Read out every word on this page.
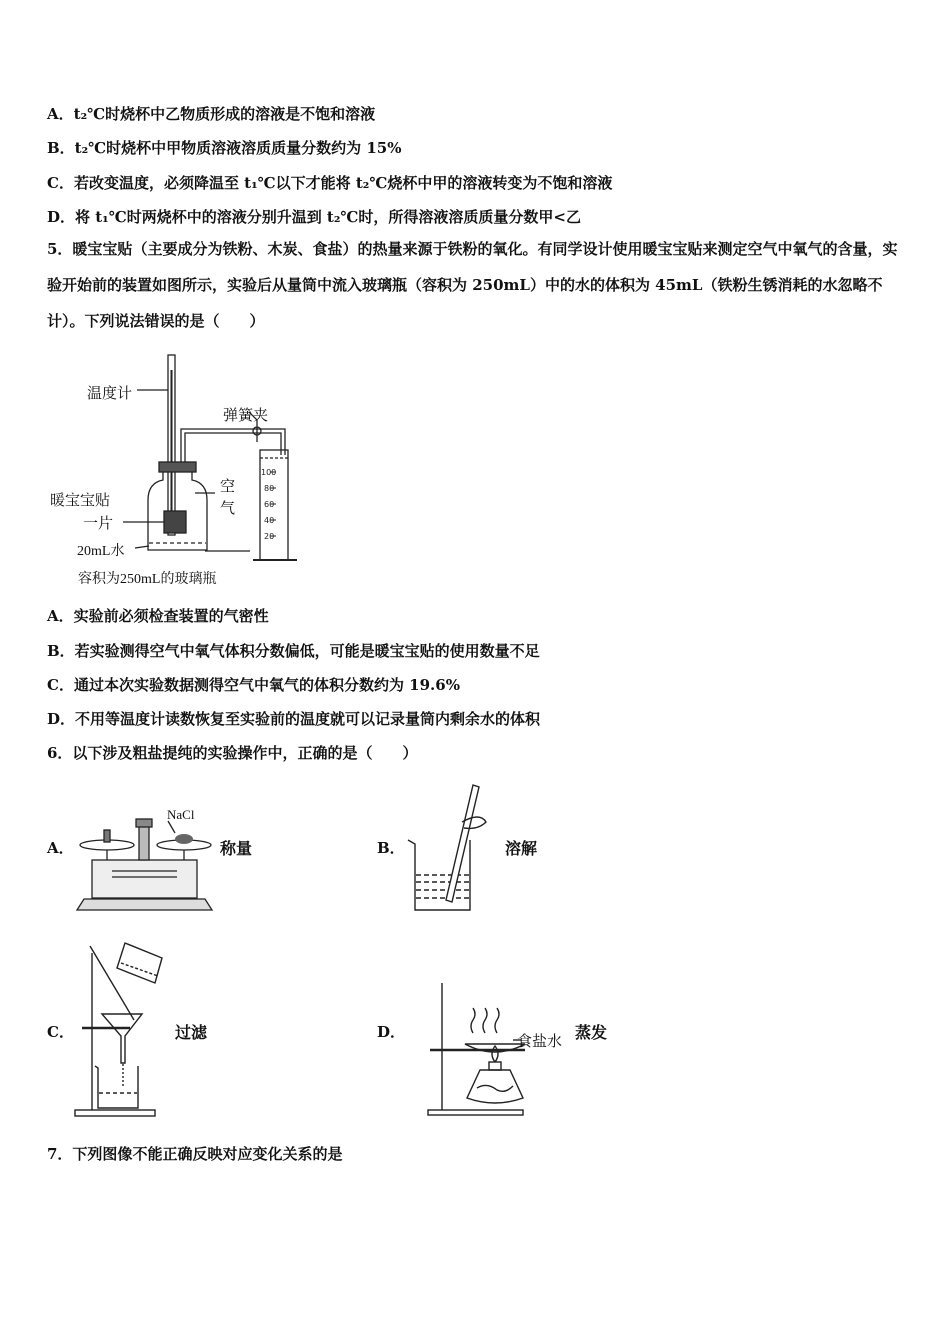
A．t₂℃时烧杯中乙物质形成的溶液是不饱和溶液
B．t₂℃时烧杯中甲物质溶液溶质质量分数约为 15%
C．若改变温度，必须降温至 t₁℃以下才能将 t₂℃烧杯中甲的溶液转变为不饱和溶液
D．将 t₁℃时两烧杯中的溶液分别升温到 t₂℃时，所得溶液溶质质量分数甲<乙
5．暖宝宝贴（主要成分为铁粉、木炭、食盐）的热量来源于铁粉的氧化。有同学设计使用暖宝宝贴来测定空气中氧气的含量，实验开始前的装置如图所示，实验后从量筒中流入玻璃瓶（容积为 250mL）中的水的体积为 45mL（铁粉生锈消耗的水忽略不计）。下列说法错误的是（　　）
100
80
60
40
20
温度计
弹簧夹
暖宝宝贴
一片
空
气
20mL水
容积为250mL的玻璃瓶
A．实验前必须检查装置的气密性
B．若实验测得空气中氧气体积分数偏低，可能是暖宝宝贴的使用数量不足
C．通过本次实验数据测得空气中氧气的体积分数约为 19.6%
D．不用等温度计读数恢复至实验前的温度就可以记录量筒内剩余水的体积
6．以下涉及粗盐提纯的实验操作中，正确的是（　　）
A．
NaCl
称量	B．	溶解
C．	过滤	D．	食盐水 蒸发
7．下列图像不能正确反映对应变化关系的是
